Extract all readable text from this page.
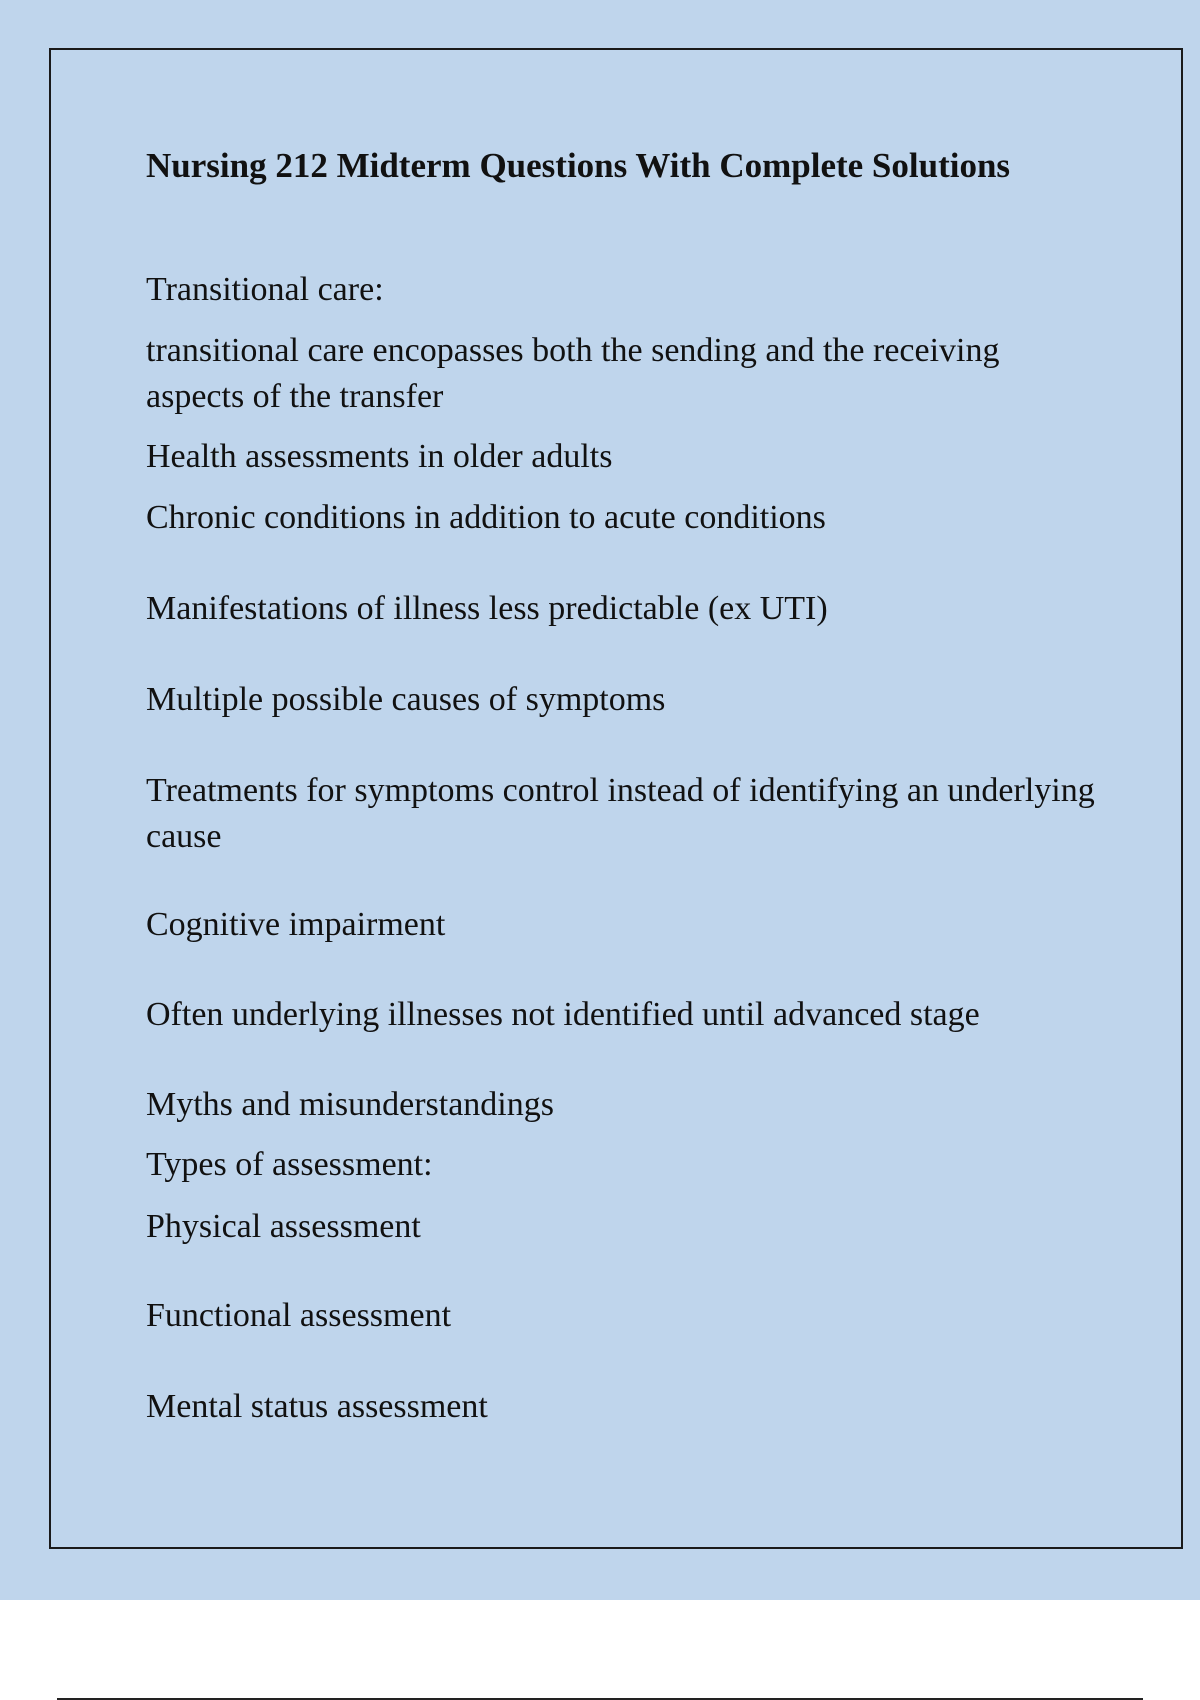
Nursing 212 Midterm Questions With Complete Solutions

Transitional care:

transitional care encopasses both the sending and the receiving aspects of the transfer

Health assessments in older adults

Chronic conditions in addition to acute conditions

Manifestations of illness less predictable (ex UTI)

Multiple possible causes of symptoms

Treatments for symptoms control instead of identifying an underlying cause

Cognitive impairment

Often underlying illnesses not identified until advanced stage

Myths and misunderstandings

Types of assessment:

Physical assessment

Functional assessment

Mental status assessment
